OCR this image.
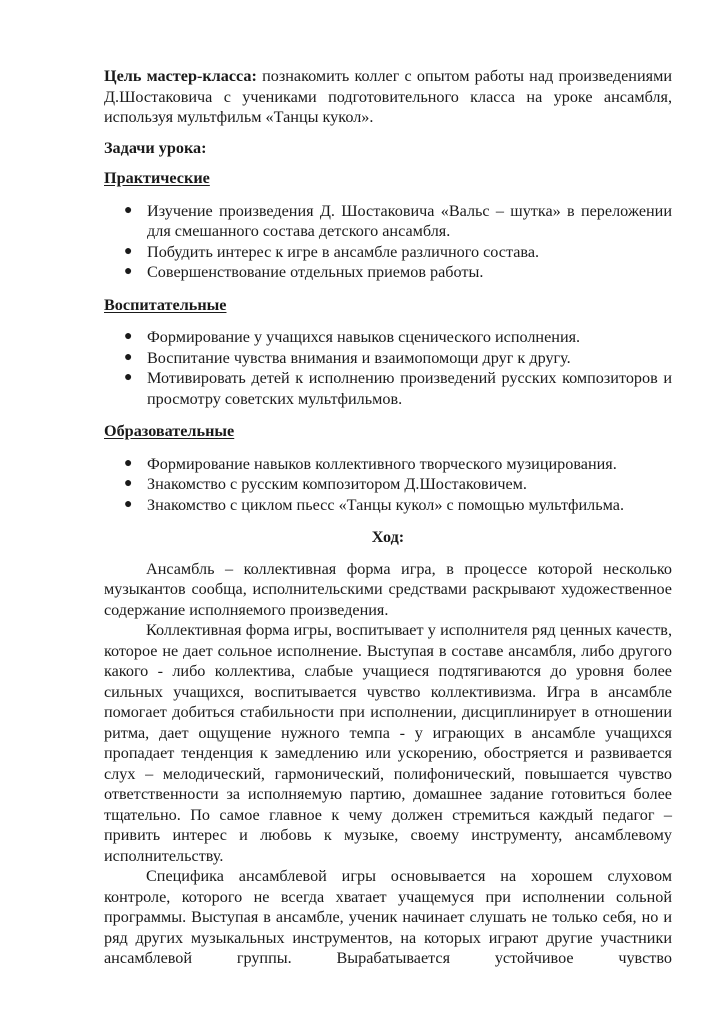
Цель мастер-класса: познакомить коллег с опытом работы над произведениями Д.Шостаковича с учениками подготовительного класса на уроке ансамбля, используя мультфильм «Танцы кукол».

Задачи урока:

Практические

● Изучение произведения Д. Шостаковича «Вальс – шутка» в переложении для смешанного состава детского ансамбля.
● Побудить интерес к игре в ансамбле различного состава.
● Совершенствование отдельных приемов работы.

Воспитательные

● Формирование у учащихся навыков сценического исполнения.
● Воспитание чувства внимания и взаимопомощи друг к другу.
● Мотивировать детей к исполнению произведений русских композиторов и просмотру советских мультфильмов.

Образовательные

● Формирование навыков коллективного творческого музицирования.
● Знакомство с русским композитором Д.Шостаковичем.
● Знакомство с циклом пьесс «Танцы кукол» с помощью мультфильма.

Ход:

Ансамбль – коллективная форма игра, в процессе которой несколько музыкантов сообща, исполнительскими средствами раскрывают художественное содержание исполняемого произведения.

Коллективная форма игры, воспитывает у исполнителя ряд ценных качеств, которое не дает сольное исполнение. Выступая в составе ансамбля, либо другого какого - либо коллектива, слабые учащиеся подтягиваются до уровня более сильных учащихся, воспитывается чувство коллективизма. Игра в ансамбле помогает добиться стабильности при исполнении, дисциплинирует в отношении ритма, дает ощущение нужного темпа - у играющих в ансамбле учащихся пропадает тенденция к замедлению или ускорению, обостряется и развивается слух – мелодический, гармонический, полифонический, повышается чувство ответственности за исполняемую партию, домашнее задание готовиться более тщательно. По самое главное к чему должен стремиться каждый педагог – привить интерес и любовь к музыке, своему инструменту, ансамблевому исполнительству.

Специфика ансамблевой игры основывается на хорошем слуховом контроле, которого не всегда хватает учащемуся при исполнении сольной программы. Выступая в ансамбле, ученик начинает слушать не только себя, но и ряд других музыкальных инструментов, на которых играют другие участники ансамблевой группы. Вырабатывается устойчивое чувство
